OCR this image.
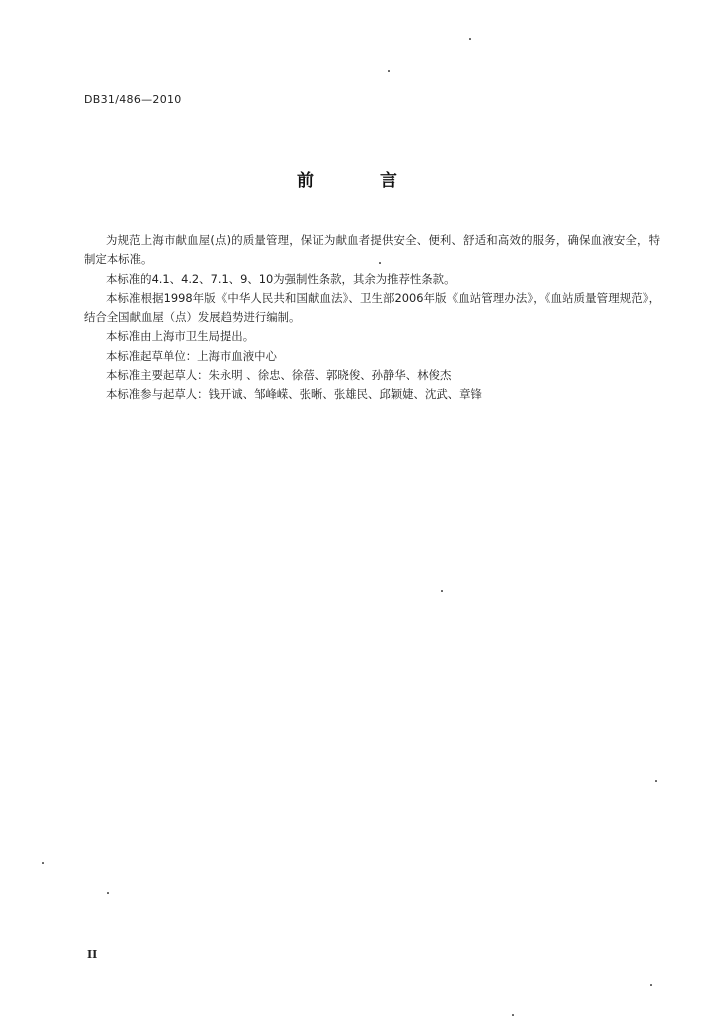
DB31/486—2010
前 言

为规范上海市献血屋(点)的质量管理，保证为献血者提供安全、便利、舒适和高效的服务，确保血液安全，特制定本标准。

本标准的4.1、4.2、7.1、9、10为强制性条款，其余为推荐性条款。

本标准根据1998年版《中华人民共和国献血法》、卫生部2006年版《血站管理办法》，《血站质量管理规范》，结合全国献血屋（点）发展趋势进行编制。

本标准由上海市卫生局提出。

本标准起草单位：上海市血液中心

本标准主要起草人：朱永明 、徐忠、徐蓓、郭晓俊、孙静华、林俊杰

本标准参与起草人：钱开诚、邹峰嵘、张晰、张雄民、邱颖婕、沈武、章锋

II
